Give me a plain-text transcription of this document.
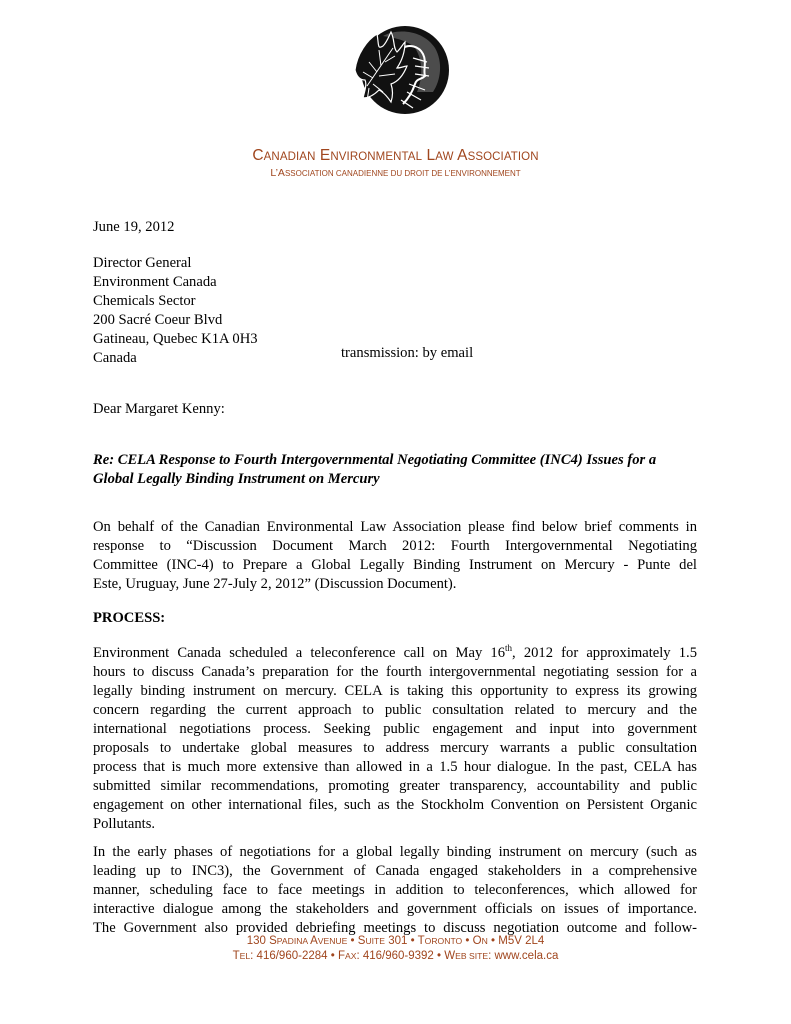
CANADIAN ENVIRONMENTAL LAW ASSOCIATION
L’ASSOCIATION CANADIENNE DU DROIT DE L’ENVIRONNEMENT
June 19, 2012
Director General
Environment Canada
Chemicals Sector
200 Sacré Coeur Blvd
Gatineau, Quebec K1A 0H3
Canada	transmission: by email
Dear Margaret Kenny:
Re: CELA Response to Fourth Intergovernmental Negotiating Committee (INC4) Issues for a Global Legally Binding Instrument on Mercury
On behalf of the Canadian Environmental Law Association please find below brief comments in
response to “Discussion Document March 2012: Fourth Intergovernmental Negotiating
Committee (INC-4) to Prepare a Global Legally Binding Instrument on Mercury - Punte del
Este, Uruguay, June 27-July 2, 2012” (Discussion Document).
PROCESS:
Environment Canada scheduled a teleconference call on May 16th, 2012 for approximately 1.5
hours to discuss Canada’s preparation for the fourth intergovernmental negotiating session for a
legally binding instrument on mercury. CELA is taking this opportunity to express its growing
concern regarding the current approach to public consultation related to mercury and the
international negotiations process. Seeking public engagement and input into government
proposals to undertake global measures to address mercury warrants a public consultation
process that is much more extensive than allowed in a 1.5 hour dialogue. In the past, CELA has
submitted similar recommendations, promoting greater transparency, accountability and public
engagement on other international files, such as the Stockholm Convention on Persistent Organic
Pollutants.
In the early phases of negotiations for a global legally binding instrument on mercury (such as
leading up to INC3), the Government of Canada engaged stakeholders in a comprehensive
manner, scheduling face to face meetings in addition to teleconferences, which allowed for
interactive dialogue among the stakeholders and government officials on issues of importance.
The Government also provided debriefing meetings to discuss negotiation outcome and follow-
130 SPADINA AVENUE • SUITE 301 • TORONTO • ON • M5V 2L4
TEL: 416/960-2284 • FAX: 416/960-9392 • WEB SITE: www.cela.ca
